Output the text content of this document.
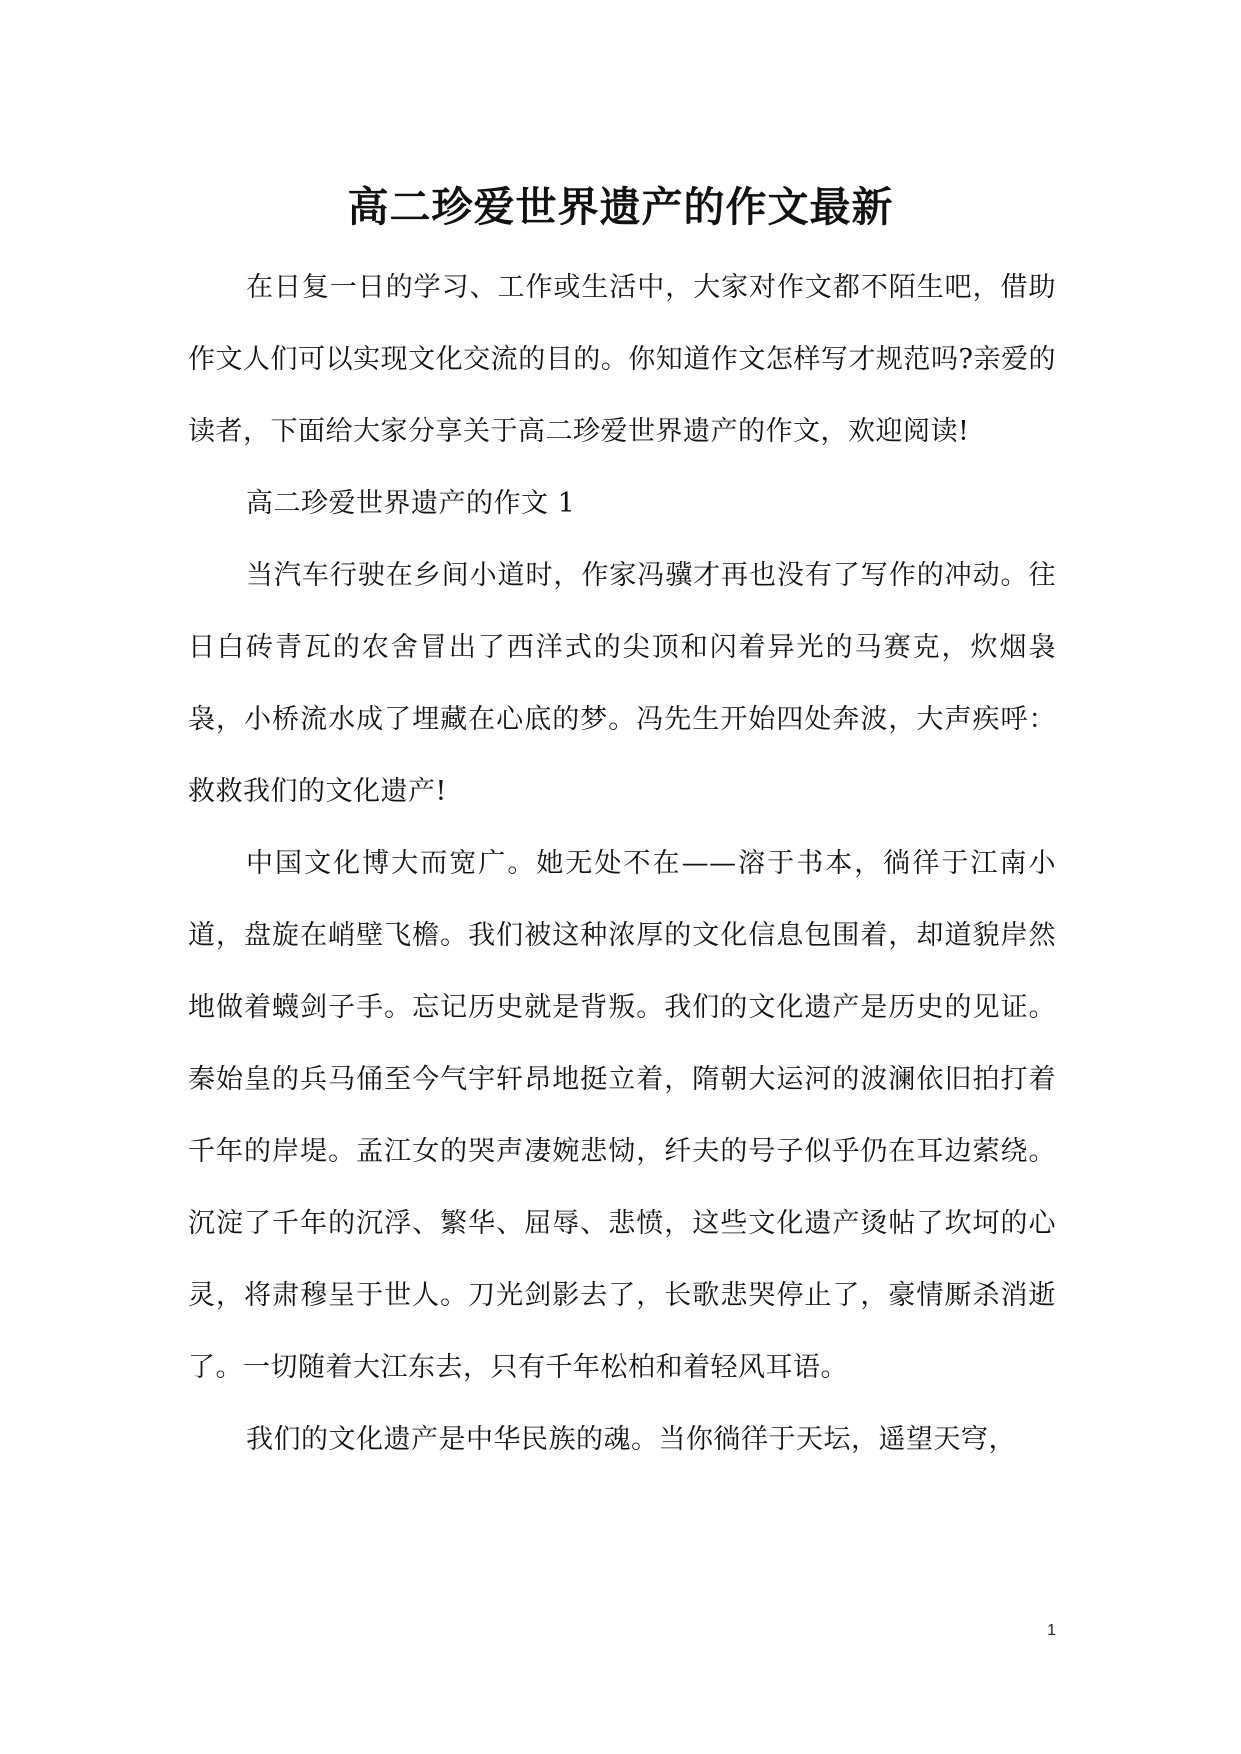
高二珍爱世界遗产的作文最新

在日复一日的学习、工作或生活中，大家对作文都不陌生吧，借助作文人们可以实现文化交流的目的。你知道作文怎样写才规范吗?亲爱的读者，下面给大家分享关于高二珍爱世界遗产的作文，欢迎阅读!

高二珍爱世界遗产的作文 1

当汽车行驶在乡间小道时，作家冯骥才再也没有了写作的冲动。往日白砖青瓦的农舍冒出了西洋式的尖顶和闪着异光的马赛克，炊烟袅袅，小桥流水成了埋藏在心底的梦。冯先生开始四处奔波，大声疾呼：救救我们的文化遗产!

中国文化博大而宽广。她无处不在——溶于书本，徜徉于江南小道，盘旋在峭壁飞檐。我们被这种浓厚的文化信息包围着，却道貌岸然地做着蠛剑子手。忘记历史就是背叛。我们的文化遗产是历史的见证。秦始皇的兵马俑至今气宇轩昂地挺立着，隋朝大运河的波澜依旧拍打着千年的岸堤。孟江女的哭声凄婉悲恸，纤夫的号子似乎仍在耳边萦绕。沉淀了千年的沉浮、繁华、屈辱、悲愤，这些文化遗产烫帖了坎坷的心灵，将肃穆呈于世人。刀光剑影去了，长歌悲哭停止了，豪情厮杀消逝了。一切随着大江东去，只有千年松柏和着轻风耳语。

我们的文化遗产是中华民族的魂。当你徜徉于天坛，遥望天穹，

1
